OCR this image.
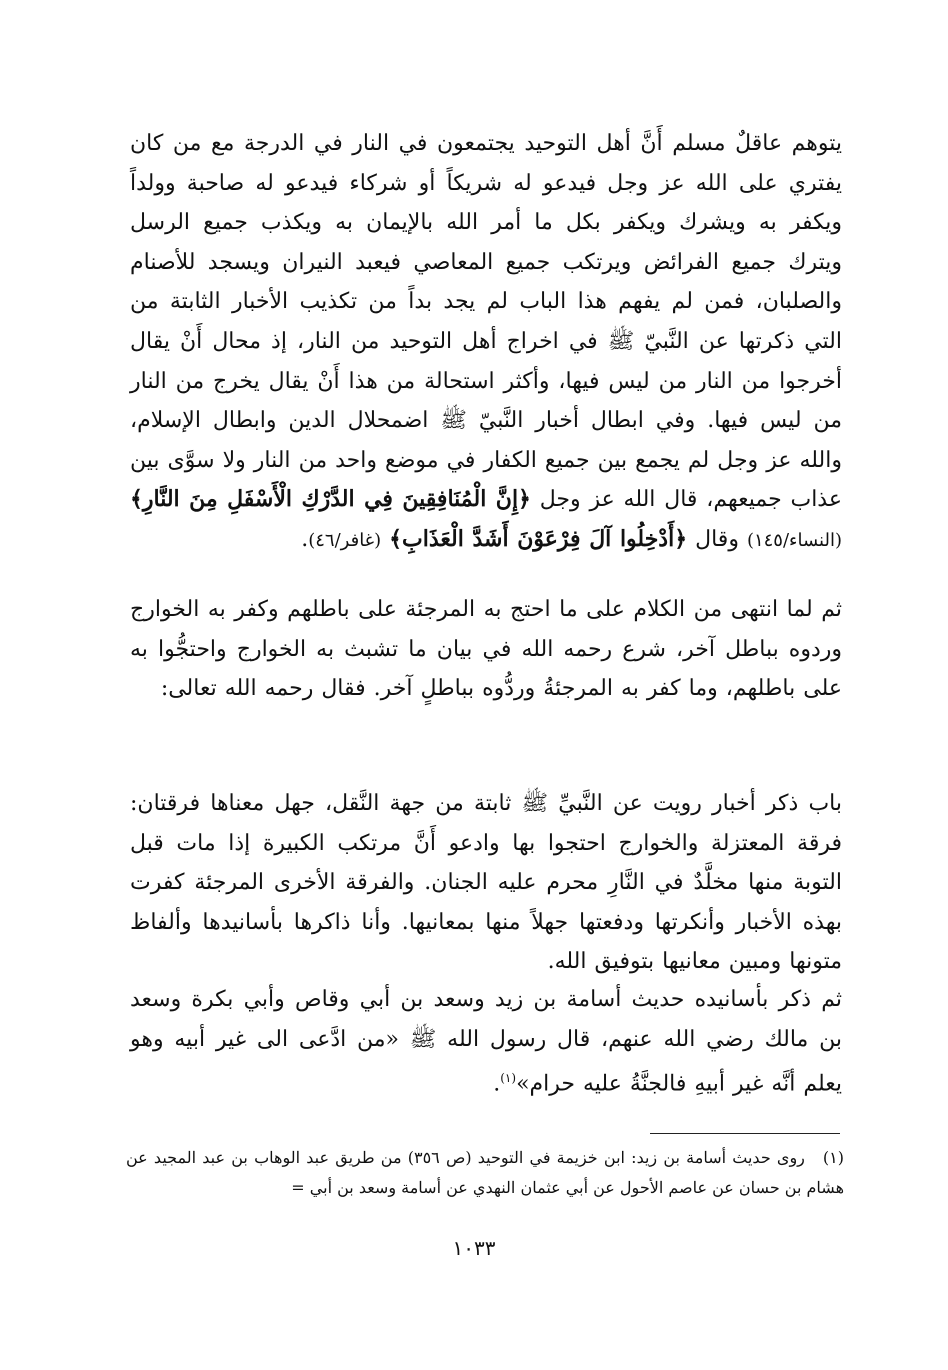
يتوهم عاقلٌ مسلم أَنَّ أهل التوحيد يجتمعون في النار في الدرجة مع من كان يفتري على الله عز وجل فيدعو له شريكاً أو شركاء فيدعو له صاحبة وولداً ويكفر به ويشرك ويكفر بكل ما أمر الله بالإيمان به ويكذب جميع الرسل ويترك جميع الفرائض ويرتكب جميع المعاصي فيعبد النيران ويسجد للأصنام والصلبان، فمن لم يفهم هذا الباب لم يجد بداً من تكذيب الأخبار الثابتة من التي ذكرتها عن النَّبيّ ﷺ في اخراج أهل التوحيد من النار، إذ محال أَنْ يقال أخرجوا من النار من ليس فيها، وأكثر استحالة من هذا أَنْ يقال يخرج من النار من ليس فيها. وفي ابطال أخبار النَّبيّ ﷺ اضمحلال الدين وابطال الإسلام، والله عز وجل لم يجمع بين جميع الكفار في موضع واحد من النار ولا سوَّى بين عذاب جميعهم، قال الله عز وجل ﴿إِنَّ الْمُنَافِقِينَ فِي الدَّرْكِ الْأَسْفَلِ مِنَ النَّارِ﴾ (النساء/١٤٥) وقال ﴿أَدْخِلُوا آلَ فِرْعَوْنَ أَشَدَّ الْعَذَابِ﴾ (غافر/٤٦).

ثم لما انتهى من الكلام على ما احتج به المرجئة على باطلهم وكفر به الخوارج وردوه بباطل آخر، شرع رحمه الله في بيان ما تشبث به الخوارج واحتجُّوا به على باطلهم، وما كفر به المرجئةُ وردُّوه بباطلٍ آخر. فقال رحمه الله تعالى:

باب ذكر أخبار رويت عن النَّبيِّ ﷺ ثابتة من جهة النَّقل، جهل معناها فرقتان: فرقة المعتزلة والخوارج احتجوا بها وادعو أَنَّ مرتكب الكبيرة إذا مات قبل التوبة منها مخلَّدٌ في النَّارِ محرم عليه الجنان. والفرقة الأخرى المرجئة كفرت بهذه الأخبار وأنكرتها ودفعتها جهلاً منها بمعانيها. وأنا ذاكرها بأسانيدها وألفاظ متونها ومبين معانيها بتوفيق الله.

ثم ذكر بأسانيده حديث أسامة بن زيد وسعد بن أبي وقاص وأبي بكرة وسعد بن مالك رضي الله عنهم، قال رسول الله ﷺ «من ادَّعى الى غير أبيه وهو يعلم أنَّه غير أبيهِ فالجنَّةُ عليه حرام»$^{(١)}$.

(١)روى حديث أسامة بن زيد: ابن خزيمة في التوحيد (ص ٣٥٦) من طريق عبد الوهاب بن عبد المجيد عن هشام بن حسان عن عاصم الأحول عن أبي عثمان النهدي عن أسامة وسعد بن أبي =

١٠٣٣
